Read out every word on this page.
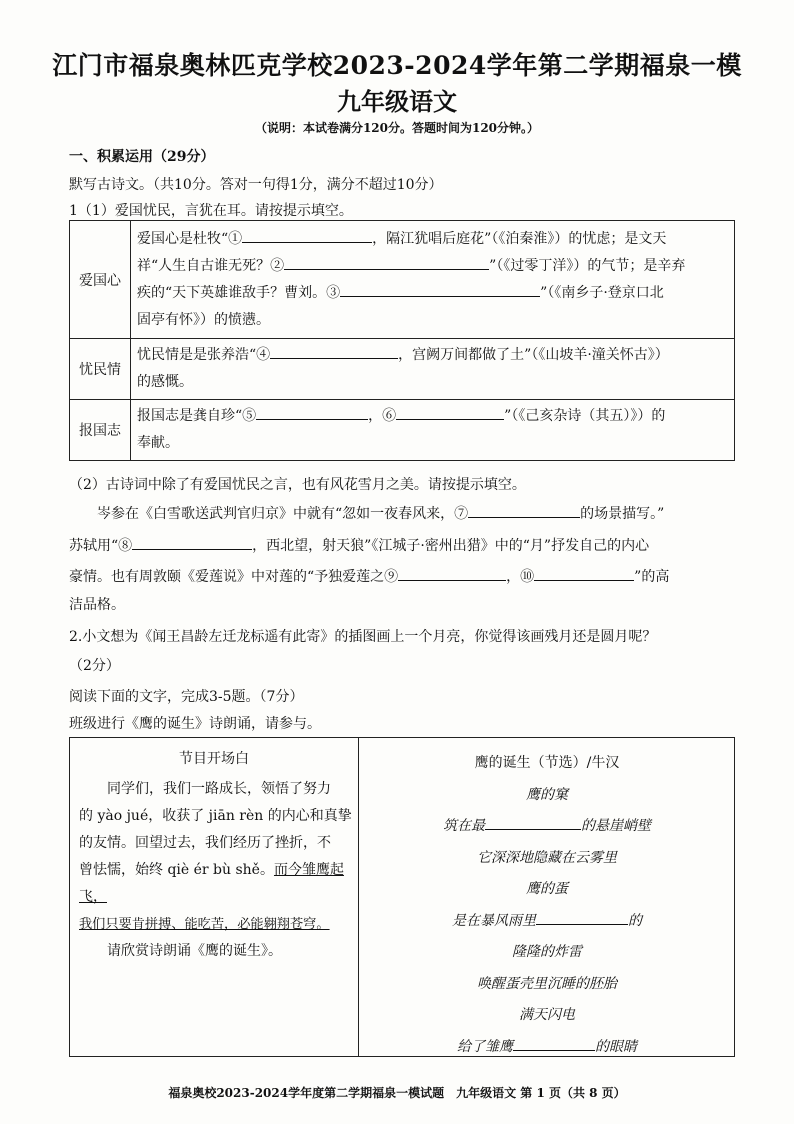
江门市福泉奥林匹克学校2023-2024学年第二学期福泉一模
九年级语文
（说明：本试卷满分120分。答题时间为120分钟。）
一、积累运用（29分）
默写古诗文。（共10分。答对一句得1分，满分不超过10分）
1（1）爱国忧民，言犹在耳。请按提示填空。
爱国心	爱国心是杜牧“① ，隔江犹唱后庭花”（《泊秦淮》）的忧虑；是文天
祥“人生自古谁无死？② ”（《过零丁洋》）的气节；是辛弃
疾的“天下英雄谁敌手？曹刘。③ ”（《南乡子·登京口北
固亭有怀》）的愤懑。

忧民情	忧民情是是张养浩“④ ，宫阙万间都做了土”（《山坡羊·潼关怀古》）
的感慨。

报国志	报国志是龚自珍“⑤ ，⑥ ”（《己亥杂诗（其五）》）的
奉献。
（2）古诗词中除了有爱国忧民之言，也有风花雪月之美。请按提示填空。
岑参在《白雪歌送武判官归京》中就有“忽如一夜春风来，⑦	的场景描写。”
苏轼用“⑧	，西北望，射天狼”《江城子·密州出猎》中的“月”抒发自己的内心
豪情。也有周敦颐《爱莲说》中对莲的“予独爱莲之⑨	，⑩	”的高
洁品格。
2.小文想为《闻王昌龄左迁龙标遥有此寄》的插图画上一个月亮，你觉得该画残月还是圆月呢？
（2分）
阅读下面的文字，完成3-5题。（7分）
班级进行《鹰的诞生》诗朗诵，请参与。
节目开场白

同学们，我们一路成长，领悟了努力

的 yào jué，收获了 jiān rèn 的内心和真挚

的友情。回望过去，我们经历了挫折，不

曾怯懦，始终 qiè ér bù shě。而今雏鹰起飞，

我们只要肯拼搏、能吃苦，必能翱翔苍穹。

请欣赏诗朗诵《鹰的诞生》。

鹰的诞生（节选）/牛汉
鹰的窠
筑在最	的悬崖峭壁
它深深地隐藏在云雾里
鹰的蛋
是在暴风雨里	的
隆隆的炸雷
唤醒蛋壳里沉睡的胚胎
满天闪电
给了雏鹰	的眼睛
福泉奥校2023-2024学年度第二学期福泉一模试题　九年级语文 第 1 页（共 8 页）
